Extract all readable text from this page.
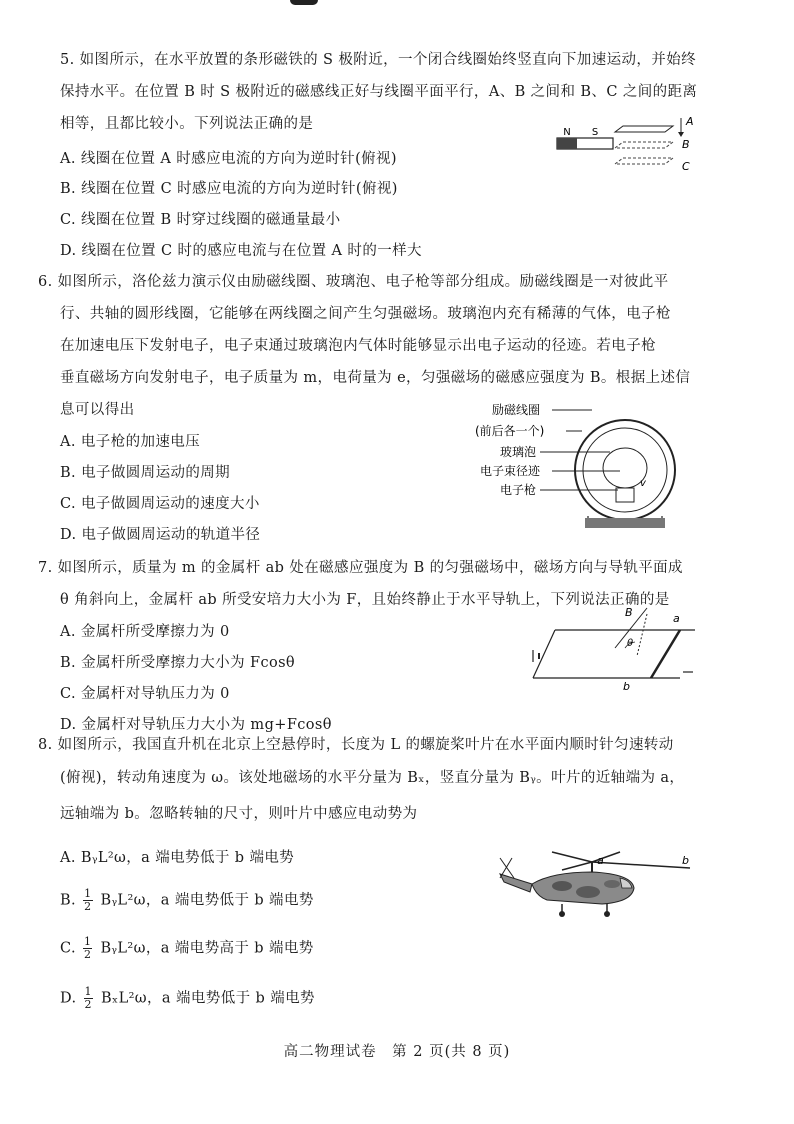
5. 如图所示，在水平放置的条形磁铁的 S 极附近，一个闭合线圈始终竖直向下加速运动，并始终
保持水平。在位置 B 时 S 极附近的磁感线正好与线圈平面平行，A、B 之间和 B、C 之间的距离
相等，且都比较小。下列说法正确的是
A. 线圈在位置 A 时感应电流的方向为逆时针(俯视)
B. 线圈在位置 C 时感应电流的方向为逆时针(俯视)
C. 线圈在位置 B 时穿过线圈的磁通量最小
D. 线圈在位置 C 时的感应电流与在位置 A 时的一样大
N S
A
B
C
6. 如图所示，洛伦兹力演示仪由励磁线圈、玻璃泡、电子枪等部分组成。励磁线圈是一对彼此平
行、共轴的圆形线圈，它能够在两线圈之间产生匀强磁场。玻璃泡内充有稀薄的气体，电子枪
在加速电压下发射电子，电子束通过玻璃泡内气体时能够显示出电子运动的径迹。若电子枪
垂直磁场方向发射电子，电子质量为 m，电荷量为 e，匀强磁场的磁感应强度为 B。根据上述信
息可以得出
A. 电子枪的加速电压
B. 电子做圆周运动的周期
C. 电子做圆周运动的速度大小
D. 电子做圆周运动的轨道半径
励磁线圈
(前后各一个)
玻璃泡
电子束径迹
电子枪	v
7. 如图所示，质量为 m 的金属杆 ab 处在磁感应强度为 B 的匀强磁场中，磁场方向与导轨平面成
θ 角斜向上，金属杆 ab 所受安培力大小为 F，且始终静止于水平导轨上，下列说法正确的是
A. 金属杆所受摩擦力为 0
B. 金属杆所受摩擦力大小为 Fcosθ
C. 金属杆对导轨压力为 0
D. 金属杆对导轨压力大小为 mg+Fcosθ
B
θ
a
b
8. 如图所示，我国直升机在北京上空悬停时，长度为 L 的螺旋桨叶片在水平面内顺时针匀速转动
(俯视)，转动角速度为 ω。该处地磁场的水平分量为 Bₓ，竖直分量为 Bᵧ。叶片的近轴端为 a，
远轴端为 b。忽略转轴的尺寸，则叶片中感应电动势为
A. BᵧL²ω，a 端电势低于 b 端电势
B. $\frac{1}{2}$ BᵧL²ω，a 端电势低于 b 端电势
C. $\frac{1}{2}$ BᵧL²ω，a 端电势高于 b 端电势
D. $\frac{1}{2} B_xL^2\omega$，a 端电势低于 b 端电势
a	b
高二物理试卷　第 2 页(共 8 页)
